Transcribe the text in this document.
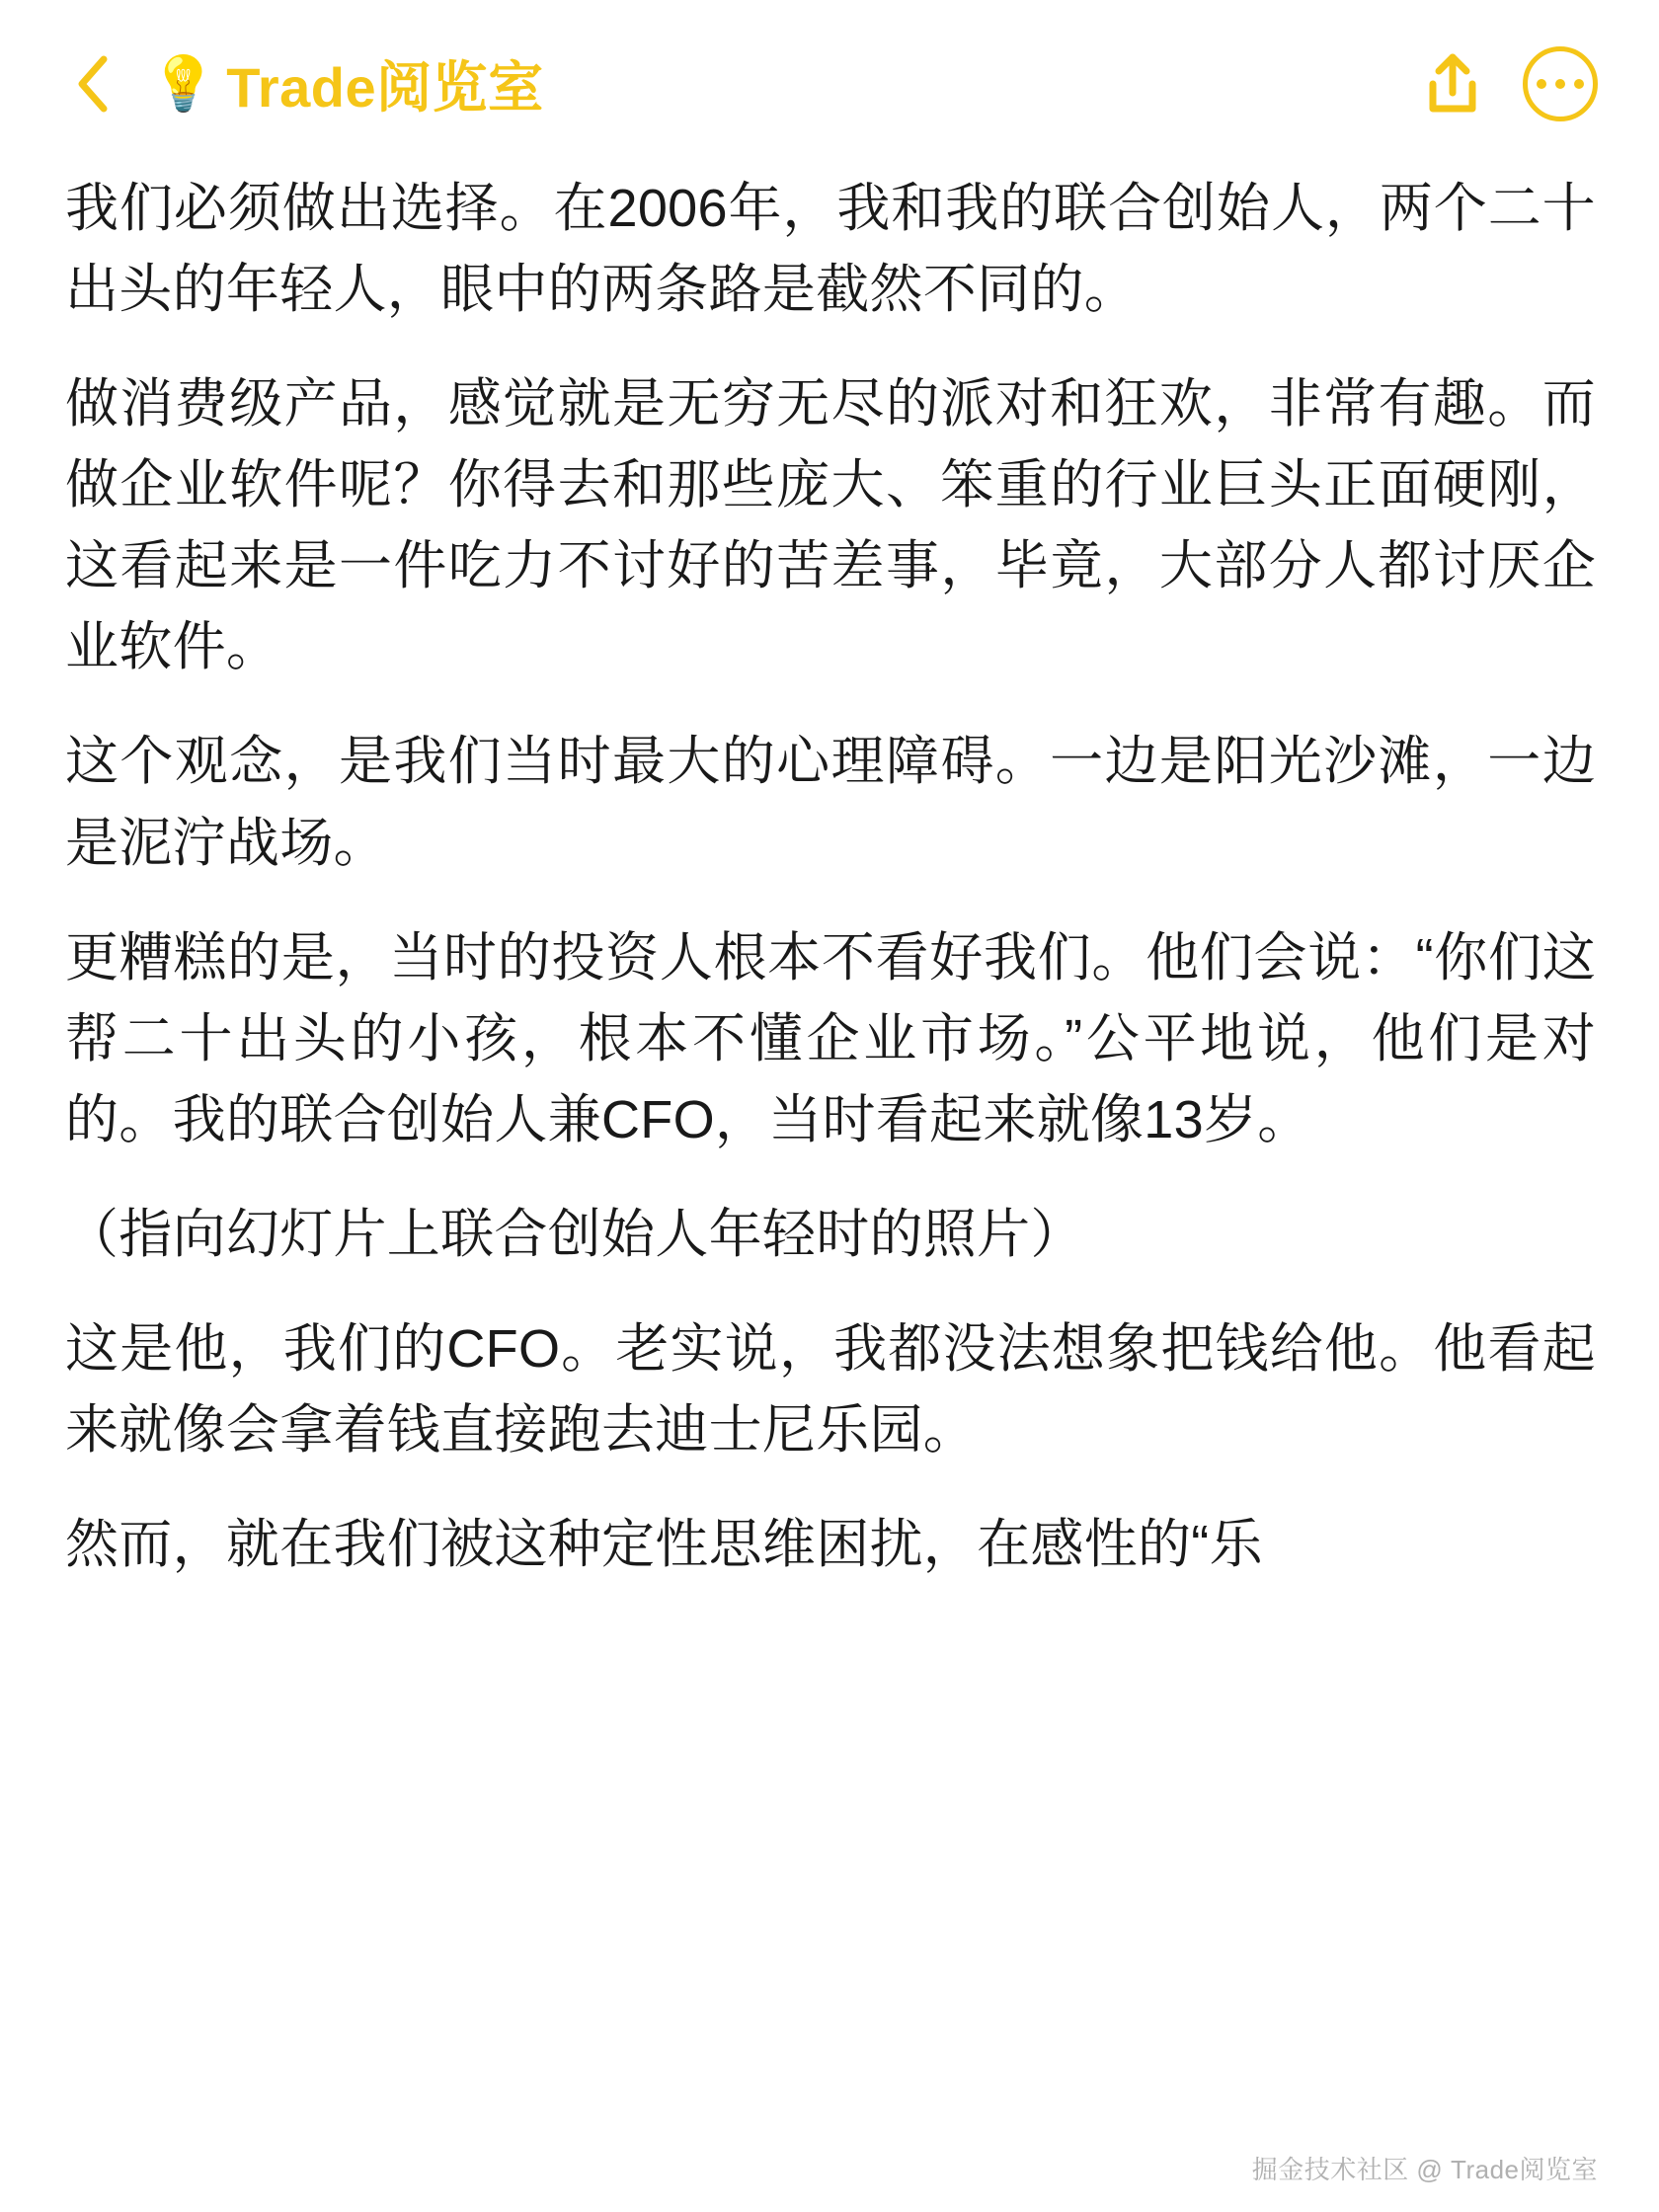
💡 Trade阅览室

我们必须做出选择。在2006年，我和我的联合创始人，两个二十出头的年轻人，眼中的两条路是截然不同的。

做消费级产品，感觉就是无穷无尽的派对和狂欢，非常有趣。而做企业软件呢？你得去和那些庞大、笨重的行业巨头正面硬刚，这看起来是一件吃力不讨好的苦差事，毕竟，大部分人都讨厌企业软件。

这个观念，是我们当时最大的心理障碍。一边是阳光沙滩，一边是泥泞战场。

更糟糕的是，当时的投资人根本不看好我们。他们会说：“你们这帮二十出头的小孩，根本不懂企业市场。”公平地说，他们是对的。我的联合创始人兼CFO，当时看起来就像13岁。

（指向幻灯片上联合创始人年轻时的照片）

这是他，我们的CFO。老实说，我都没法想象把钱给他。他看起来就像会拿着钱直接跑去迪士尼乐园。

然而，就在我们被这种定性思维困扰，在感性的“乐

掘金技术社区 @ Trade阅览室
